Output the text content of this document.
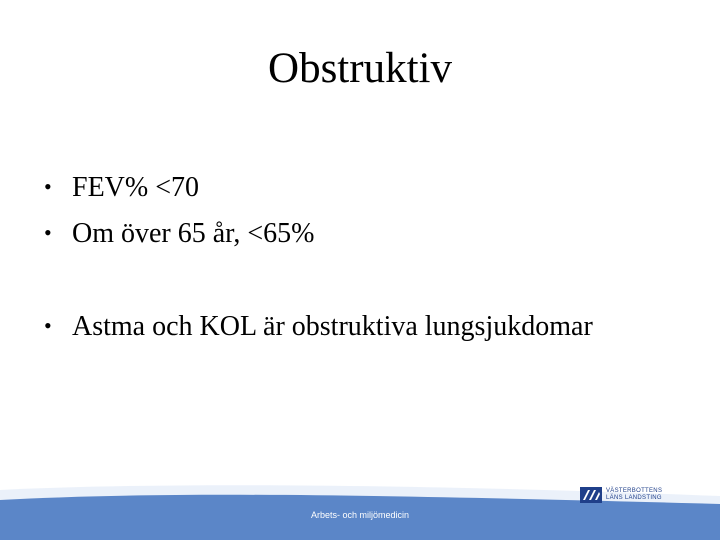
Obstruktiv
• FEV% <70
• Om över 65 år, <65%
• Astma och KOL är obstruktiva lungsjukdomar
Arbets- och miljömedicin
VÄSTERBOTTENS
LÄNS LANDSTING
